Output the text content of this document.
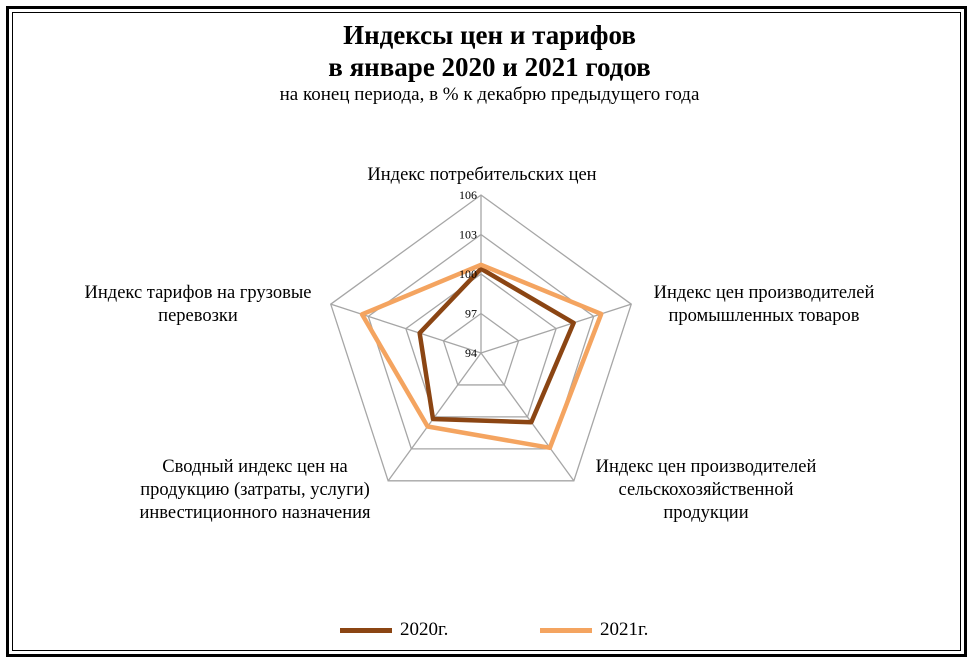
Индексы цен и тарифов
в январе 2020 и 2021 годов
на конец периода, в % к декабрю предыдущего года
94
97
100
103
106
Индекс потребительских цен
Индекс цен производителей
промышленных товаров
Индекс цен производителей
сельскохозяйственной
продукции
Сводный индекс цен на
продукцию (затраты, услуги)
инвестиционного назначения
Индекс тарифов на грузовые
перевозки
2020г.	2021г.
